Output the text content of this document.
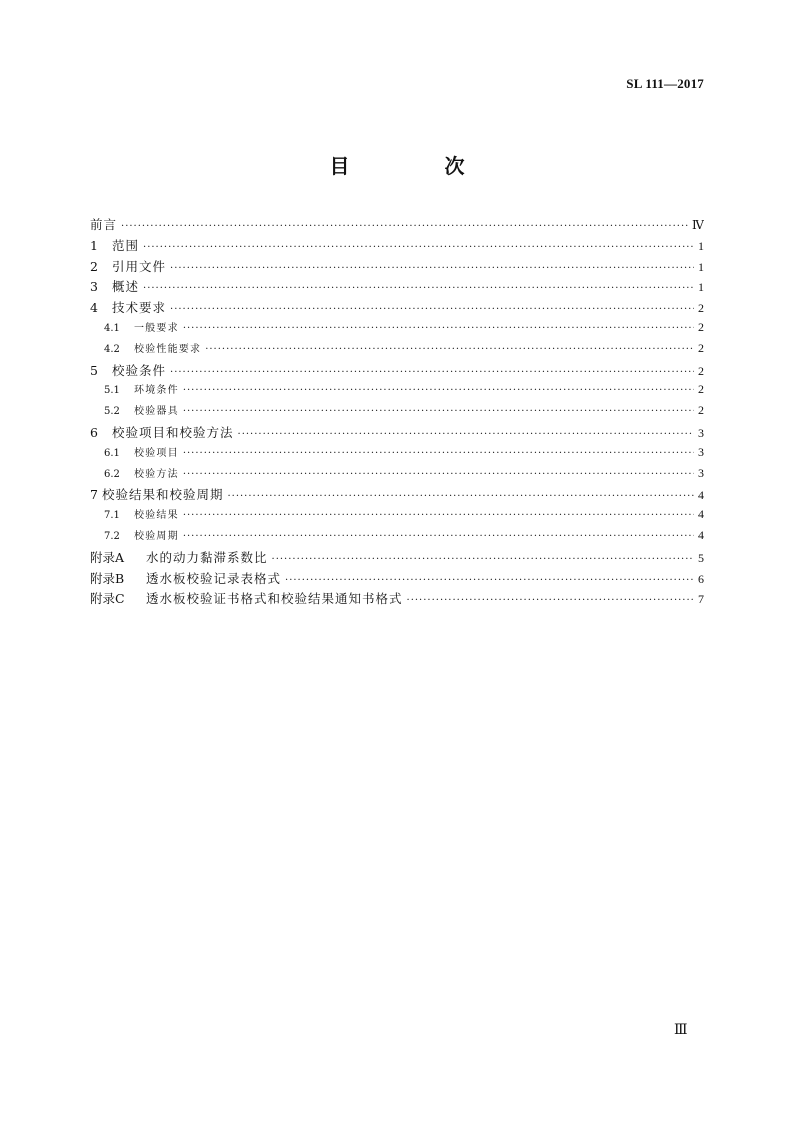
SL 111—2017
目 次
前言 ·····	Ⅳ
1	范围 ·····	1
2	引用文件 ·····	1
3	概述 ·····	1
4	技术要求 ·····	2
4.1	一般要求 ·····	2
4.2	校验性能要求 ·····	2
5	校验条件 ·····	2
5.1	环境条件 ·····	2
5.2	校验器具 ·····	2
6	校验项目和校验方法 ·····	3
6.1	校验项目 ·····	3
6.2	校验方法 ·····	3
7 校验结果和校验周期 ·····	4
7.1	校验结果 ·····	4
7.2	校验周期 ·····	4
附录A	水的动力黏滞系数比 ·····	5
附录B	透水板校验记录表格式 ·····	6
附录C	透水板校验证书格式和校验结果通知书格式 ·····	7
Ⅲ
